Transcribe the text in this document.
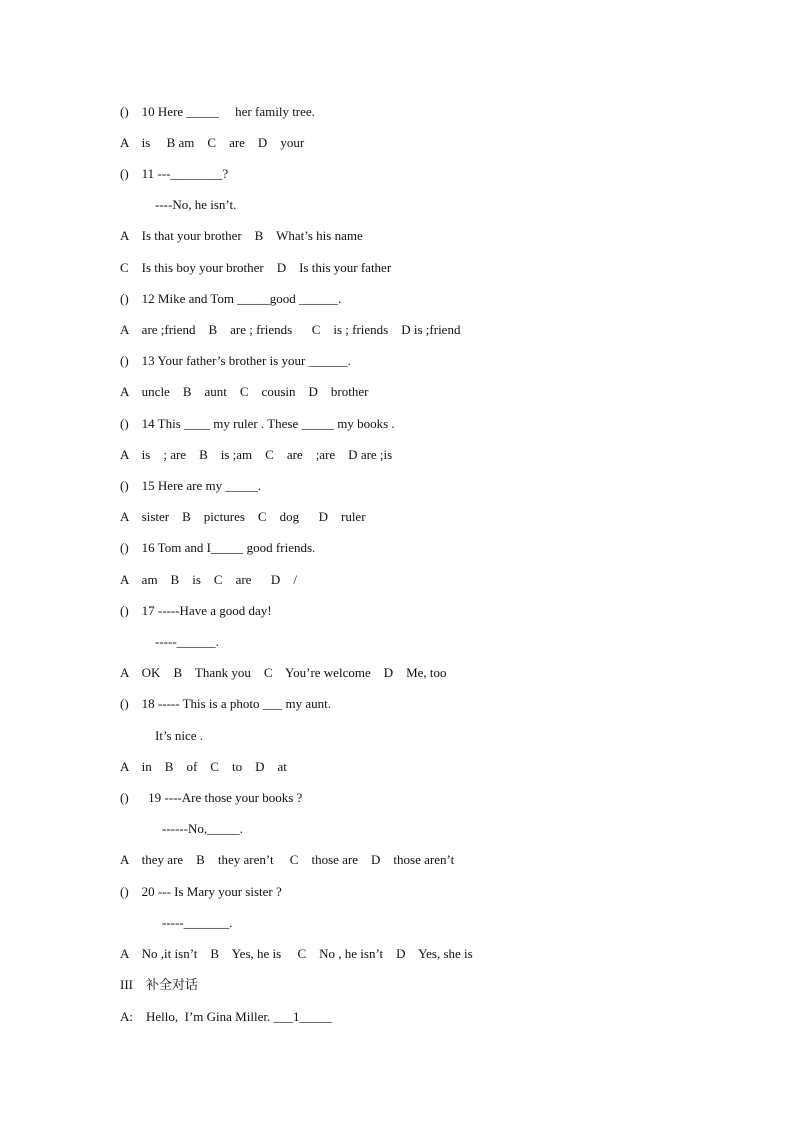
()    10 Here _____     her family tree.
A    is     B am    C    are    D    your
()    11 ---________?
----No, he isn’t.
A    Is that your brother    B    What’s his name
C    Is this boy your brother    D    Is this your father
()    12 Mike and Tom _____good ______.
A    are ;friend    B    are ; friends      C    is ; friends    D is ;friend
()    13 Your father’s brother is your ______.
A    uncle    B    aunt    C    cousin    D    brother
()    14 This ____ my ruler . These _____ my books .
A    is    ; are    B    is ;am    C    are    ;are    D are ;is
()    15 Here are my _____.
A    sister    B    pictures    C    dog      D    ruler
()    16 Tom and I_____ good friends.
A    am    B    is    C    are      D    /
()    17 -----Have a good day!
-----______.
A    OK    B    Thank you    C    You’re welcome    D    Me, too
()    18 ----- This is a photo ___ my aunt.
It’s nice .
A    in    B    of    C    to    D    at
()      19 ----Are those your books ?
------No,_____.
A    they are    B    they aren’t     C    those are    D    those aren’t
()    20 --- Is Mary your sister ?
-----_______.
A    No ,it isn’t    B    Yes, he is     C    No , he isn’t    D    Yes, she is
III    补全对话
A:    Hello,  I’m Gina Miller. ___1_____
